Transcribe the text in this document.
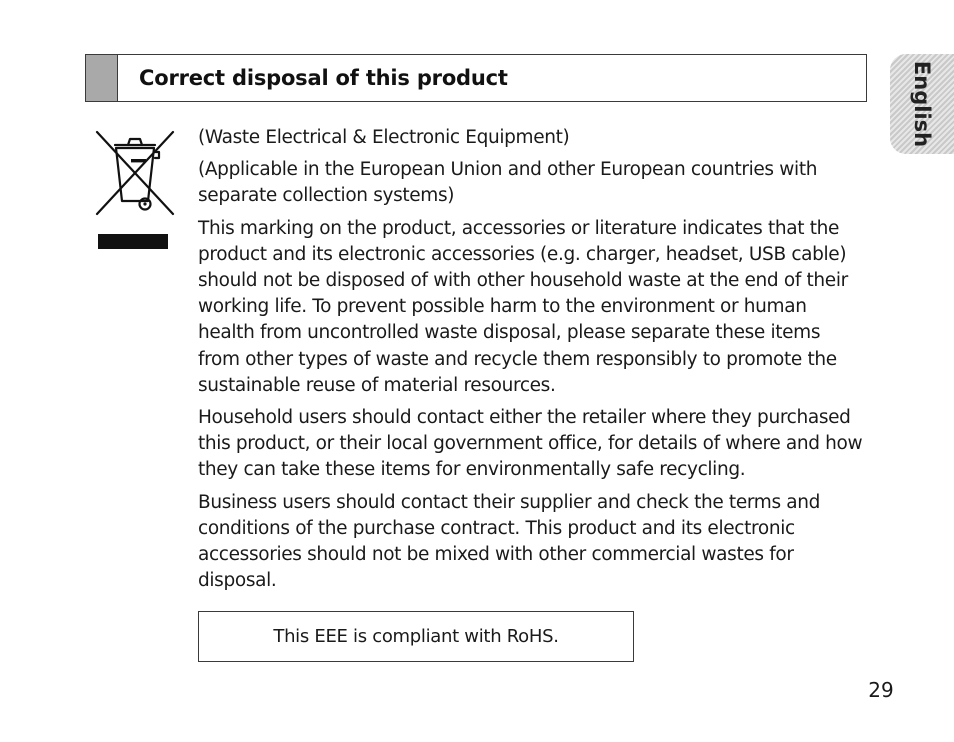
Correct disposal of this product	English

(Waste Electrical & Electronic Equipment)

(Applicable in the European Union and other European countries with separate collection systems)

This marking on the product, accessories or literature indicates that the product and its electronic accessories (e.g. charger, headset, USB cable) should not be disposed of with other household waste at the end of their working life. To prevent possible harm to the environment or human health from uncontrolled waste disposal, please separate these items from other types of waste and recycle them responsibly to promote the sustainable reuse of material resources.

Household users should contact either the retailer where they purchased this product, or their local government office, for details of where and how they can take these items for environmentally safe recycling.

Business users should contact their supplier and check the terms and conditions of the purchase contract. This product and its electronic accessories should not be mixed with other commercial wastes for disposal.

This EEE is compliant with RoHS.
29
